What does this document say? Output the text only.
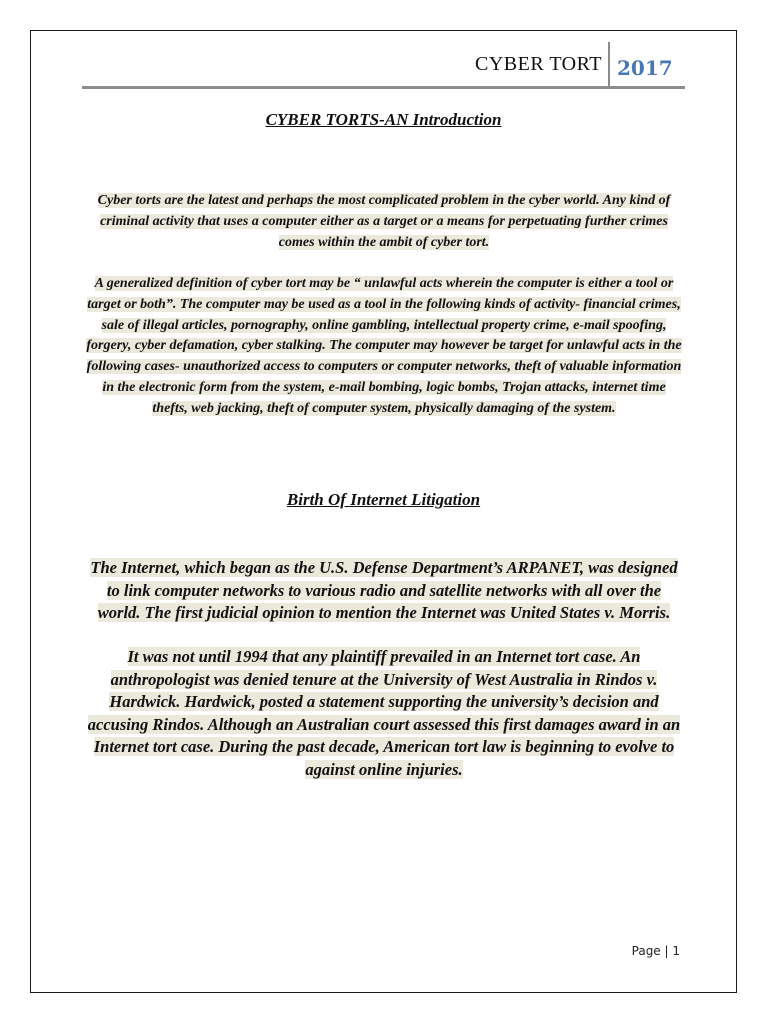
CYBER TORT 2017
CYBER TORTS-AN Introduction
Cyber torts are the latest and perhaps the most complicated problem in the cyber world. Any kind of criminal activity that uses a computer either as a target or a means for perpetuating further crimes comes within the ambit of cyber tort.
A generalized definition of cyber tort may be “ unlawful acts wherein the computer is either a tool or target or both”. The computer may be used as a tool in the following kinds of activity- financial crimes, sale of illegal articles, pornography, online gambling, intellectual property crime, e-mail spoofing, forgery, cyber defamation, cyber stalking. The computer may however be target for unlawful acts in the following cases- unauthorized access to computers or computer networks, theft of valuable information in the electronic form from the system, e-mail bombing, logic bombs, Trojan attacks, internet time thefts, web jacking, theft of computer system, physically damaging of the system.
Birth Of Internet Litigation
The Internet, which began as the U.S. Defense Department’s ARPANET, was designed to link computer networks to various radio and satellite networks with all over the world. The first judicial opinion to mention the Internet was United States v. Morris.
It was not until 1994 that any plaintiff prevailed in an Internet tort case. An anthropologist was denied tenure at the University of West Australia in Rindos v. Hardwick. Hardwick, posted a statement supporting the university’s decision and accusing Rindos. Although an Australian court assessed this first damages award in an Internet tort case. During the past decade, American tort law is beginning to evolve to against online injuries.
Page | 1
